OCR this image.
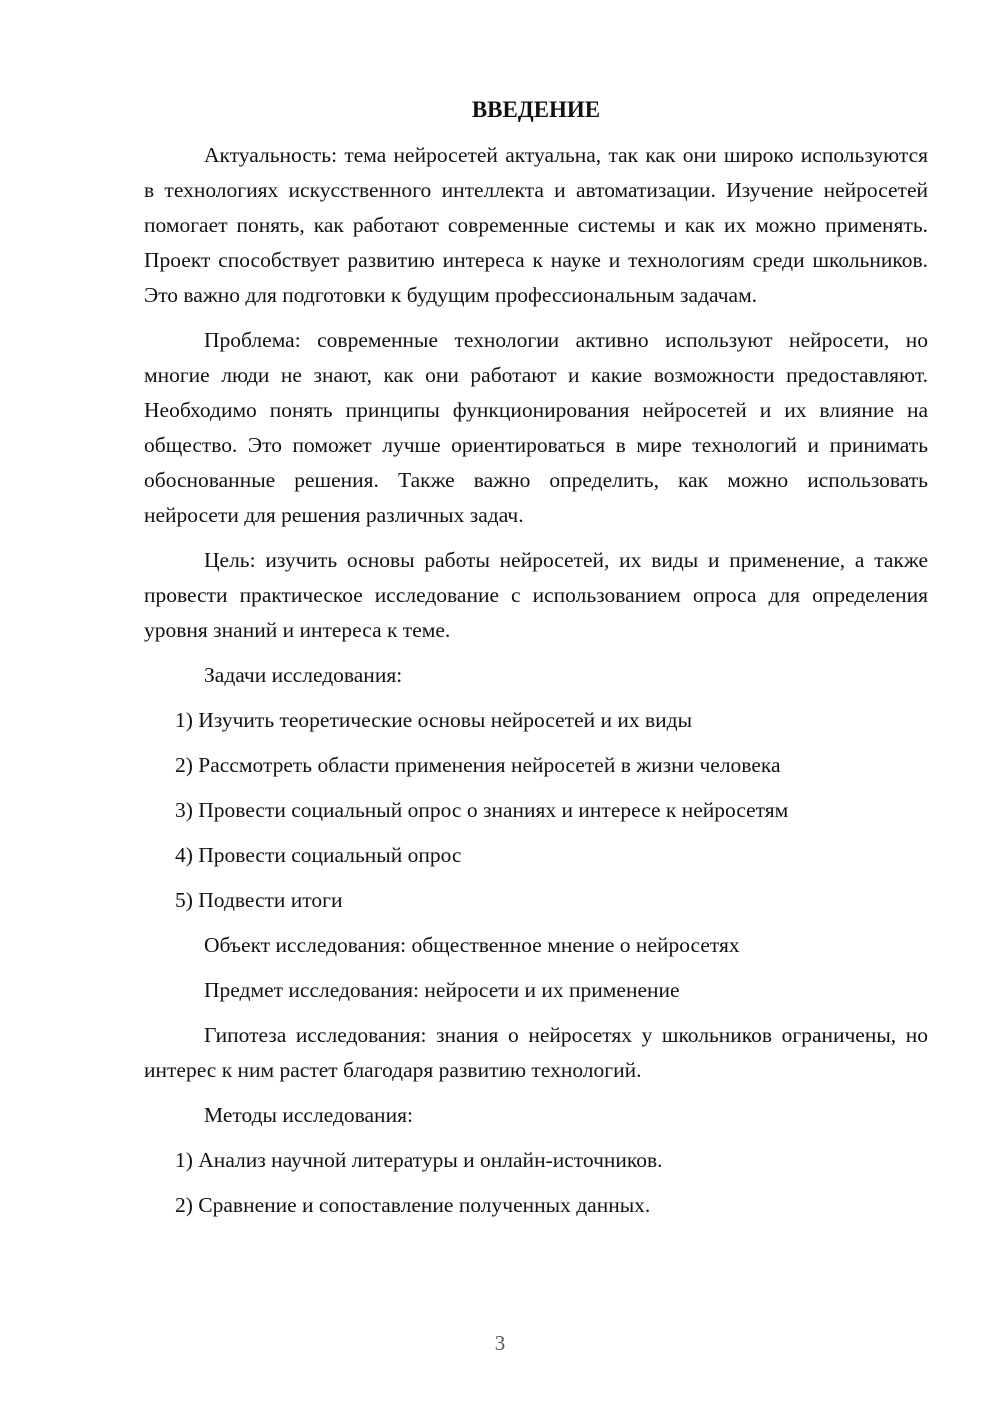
ВВЕДЕНИЕ

Актуальность: тема нейросетей актуальна, так как они широко используются в технологиях искусственного интеллекта и автоматизации. Изучение нейросетей помогает понять, как работают современные системы и как их можно применять. Проект способствует развитию интереса к науке и технологиям среди школьников. Это важно для подготовки к будущим профессиональным задачам.

Проблема: современные технологии активно используют нейросети, но многие люди не знают, как они работают и какие возможности предоставляют. Необходимо понять принципы функционирования нейросетей и их влияние на общество. Это поможет лучше ориентироваться в мире технологий и принимать обоснованные решения. Также важно определить, как можно использовать нейросети для решения различных задач.

Цель: изучить основы работы нейросетей, их виды и применение, а также провести практическое исследование с использованием опроса для определения уровня знаний и интереса к теме.

Задачи исследования:

1) Изучить теоретические основы нейросетей и их виды

2) Рассмотреть области применения нейросетей в жизни человека

3) Провести социальный опрос о знаниях и интересе к нейросетям

4) Провести социальный опрос

5) Подвести итоги

Объект исследования: общественное мнение о нейросетях

Предмет исследования: нейросети и их применение

Гипотеза исследования: знания о нейросетях у школьников ограничены, но интерес к ним растет благодаря развитию технологий.

Методы исследования:

1) Анализ научной литературы и онлайн-источников.

2) Сравнение и сопоставление полученных данных.

3
